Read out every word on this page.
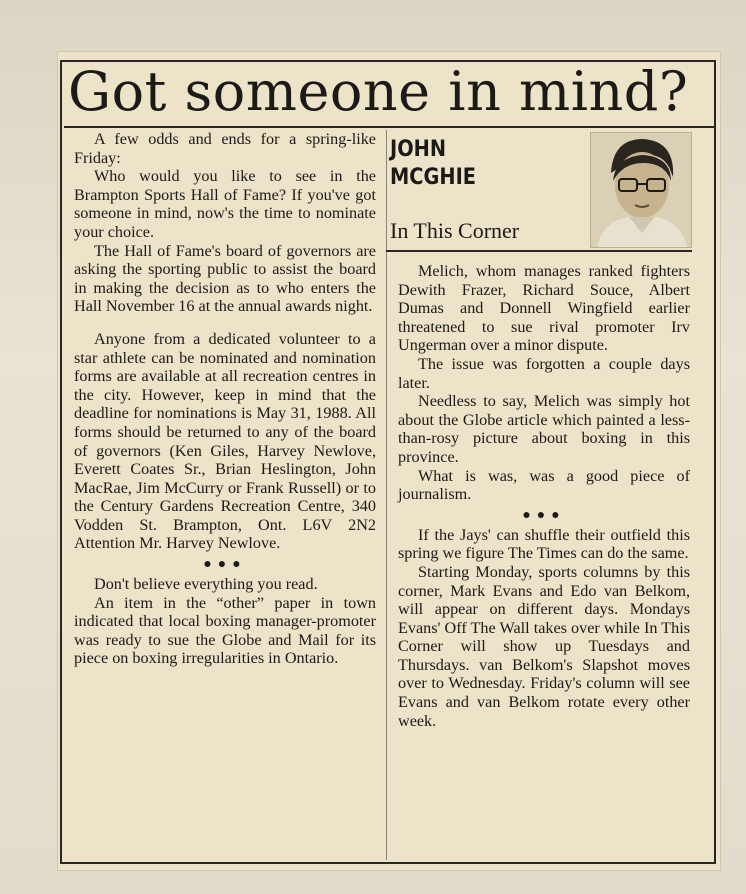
Got someone in mind?
JOHN
MCGHIE
In This Corner

A few odds and ends for a spring-like Friday:

Who would you like to see in the Brampton Sports Hall of Fame? If you've got someone in mind, now's the time to nominate your choice.

The Hall of Fame's board of governors are asking the sporting public to assist the board in making the decision as to who enters the Hall November 16 at the annual awards night.

Anyone from a dedicated volunteer to a star athlete can be nominated and nomination forms are available at all recreation centres in the city. However, keep in mind that the deadline for nominations is May 31, 1988. All forms should be returned to any of the board of governors (Ken Giles, Harvey Newlove, Everett Coates Sr., Brian Heslington, John MacRae, Jim McCurry or Frank Russell) or to the Century Gardens Recreation Centre, 340 Vodden St. Brampton, Ont. L6V 2N2 Attention Mr. Harvey Newlove.

●●●

Don't believe everything you read.

An item in the “other” paper in town indicated that local boxing manager-promoter was ready to sue the Globe and Mail for its piece on boxing irregularities in Ontario.

Melich, whom manages ranked fighters Dewith Frazer, Richard Souce, Albert Dumas and Donnell Wingfield earlier threatened to sue rival promoter Irv Ungerman over a minor dispute.

The issue was forgotten a couple days later.

Needless to say, Melich was simply hot about the Globe article which painted a less-than-rosy picture about boxing in this province.

What is was, was a good piece of journalism.

●●●

If the Jays' can shuffle their outfield this spring we figure The Times can do the same.

Starting Monday, sports columns by this corner, Mark Evans and Edo van Belkom, will appear on different days. Mondays Evans' Off The Wall takes over while In This Corner will show up Tuesdays and Thursdays. van Belkom's Slapshot moves over to Wednesday. Friday's column will see Evans and van Belkom rotate every other week.
